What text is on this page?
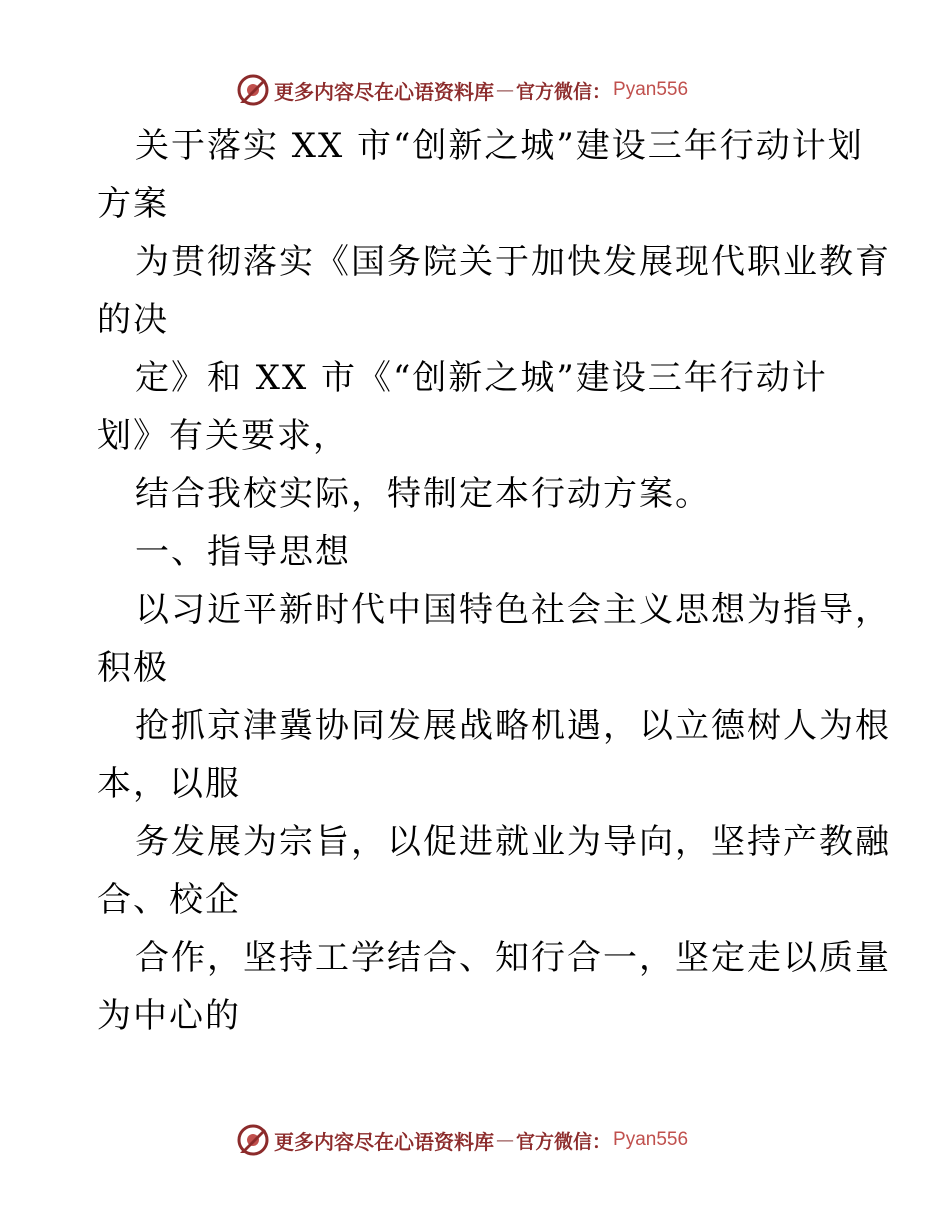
更多内容尽在心语资料库 — 官方微信： Pyan556
关于落实 XX 市“创新之城”建设三年行动计划
方案
为贯彻落实《国务院关于加快发展现代职业教育
的决
定》和 XX 市《“创新之城”建设三年行动计
划》有关要求，
结合我校实际，特制定本行动方案。
一、指导思想
以习近平新时代中国特色社会主义思想为指导，
积极
抢抓京津冀协同发展战略机遇，以立德树人为根
本，以服
务发展为宗旨，以促进就业为导向，坚持产教融
合、校企
合作，坚持工学结合、知行合一，坚定走以质量
为中心的
更多内容尽在心语资料库 — 官方微信： Pyan556
